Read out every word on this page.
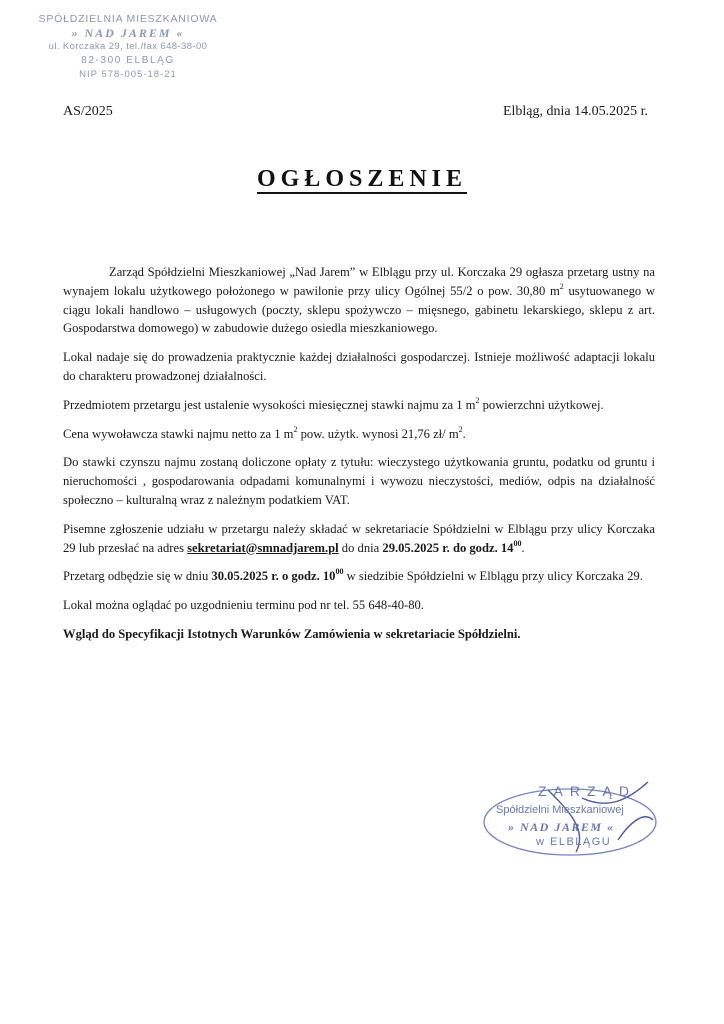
SPÓŁDZIELNIA MIESZKANIOWA
» NAD JAREM «
ul. Korczaka 29, tel./fax 648-38-00
82-300 ELBLĄG
NIP 578-005-18-21
AS/2025	Elbląg, dnia 14.05.2025 r.
OGŁOSZENIE

Zarząd Spółdzielni Mieszkaniowej „Nad Jarem” w Elblągu przy ul. Korczaka 29 ogłasza przetarg ustny na wynajem lokalu użytkowego położonego w pawilonie przy ulicy Ogólnej 55/2 o pow. 30,80 $m^2$ usytuowanego w ciągu lokali handlowo – usługowych (poczty, sklepu spożywczo – mięsnego, gabinetu lekarskiego, sklepu z art. Gospodarstwa domowego) w zabudowie dużego osiedla mieszkaniowego.

Lokal nadaje się do prowadzenia praktycznie każdej działalności gospodarczej. Istnieje możliwość adaptacji lokalu do charakteru prowadzonej działalności.

Przedmiotem przetargu jest ustalenie wysokości miesięcznej stawki najmu za 1 $m^2$ powierzchni użytkowej.

Cena wywoławcza stawki najmu netto za 1 $m^2$ pow. użytk. wynosi 21,76 zł/ $m^2$.

Do stawki czynszu najmu zostaną doliczone opłaty z tytułu: wieczystego użytkowania gruntu, podatku od gruntu i nieruchomości , gospodarowania odpadami komunalnymi i wywozu nieczystości, mediów, odpis na działalność społeczno – kulturalną wraz z należnym podatkiem VAT.

Pisemne zgłoszenie udziału w przetargu należy składać w sekretariacie Spółdzielni w Elblągu przy ulicy Korczaka 29 lub przesłać na adres sekretariat@smnadjarem.pl do dnia 29.05.2025 r. do godz. $14^{00}$.

Przetarg odbędzie się w dniu 30.05.2025 r. o godz. $10^{00}$ w siedzibie Spółdzielni w Elblągu przy ulicy Korczaka 29.

Lokal można oglądać po uzgodnieniu terminu pod nr tel. 55 648-40-80.

Wgląd do Specyfikacji Istotnych Warunków Zamówienia w sekretariacie Spółdzielni.

ZARZĄD
Spółdzielni Mieszkaniowej
» NAD JAREM «
w ELBLĄGU
